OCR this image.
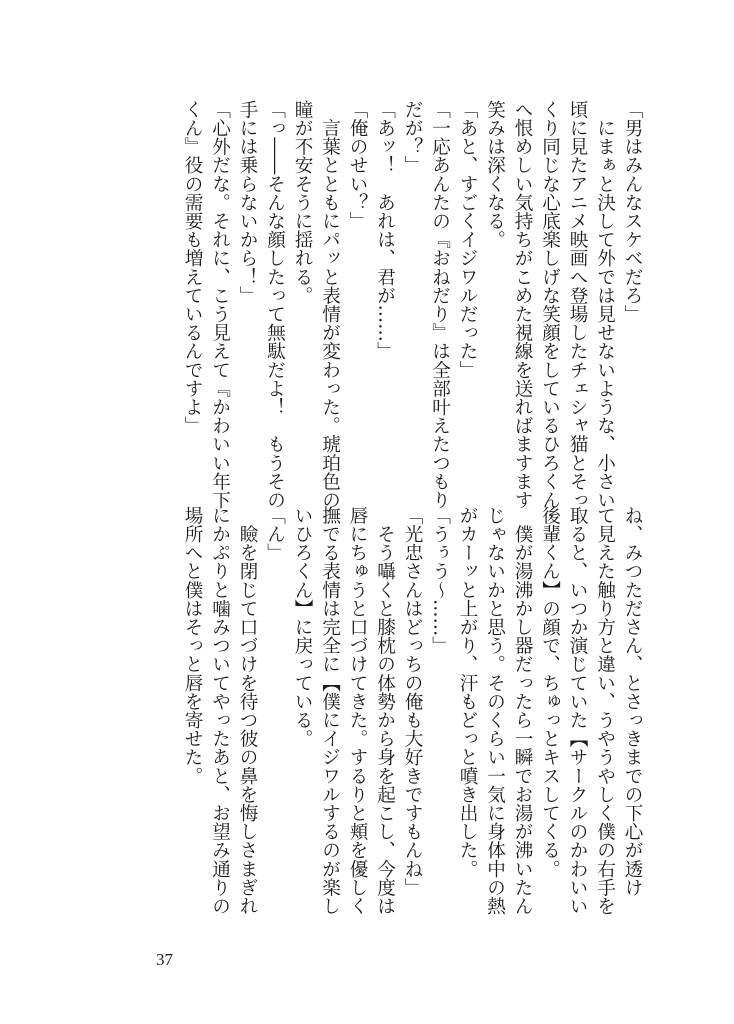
「男はみんなスケベだろ」
　にまぁと決して外では見せないような、小さい
頃に見たアニメ映画へ登場したチェシャ猫とそっ
くり同じな心底楽しげな笑顔をしているひろくん
へ恨めしい気持ちがこめた視線を送ればますます
笑みは深くなる。
「あと、すごくイジワルだった」
「一応あんたの『おねだり』は全部叶えたつもり
だが？」
「あッ！　あれは、君が……」
「俺のせい？」
　言葉とともにパッと表情が変わった。琥珀色の
瞳が不安そうに揺れる。
「っ――そんな顔したって無駄だよ！　もうその
手には乗らないから！」
「心外だな。それに、こう見えて『かわいい年下
くん』役の需要も増えているんですよ」
ね、みつたださん、とさっきまでの下心が透け
て見えた触り方と違い、うやうやしく僕の右手を
取ると、いつか演じていた【サークルのかわいい
後輩くん】の顔で、ちゅっとキスしてくる。
　僕が湯沸かし器だったら一瞬でお湯が沸いたん
じゃないかと思う。そのくらい一気に身体中の熱
がカーッと上がり、汗もどっと噴き出した。
「うぅう～……」
「光忠さんはどっちの俺も大好きですもんね」
　そう囁くと膝枕の体勢から身を起こし、今度は
唇にちゅうと口づけてきた。するりと頬を優しく
撫でる表情は完全に【僕にイジワルするのが楽し
いひろくん】に戻っている。
「ん」
　瞼を閉じて口づけを待つ彼の鼻を悔しさまぎれ
にかぷりと噛みついてやったあと、お望み通りの
場所へと僕はそっと唇を寄せた。
37
